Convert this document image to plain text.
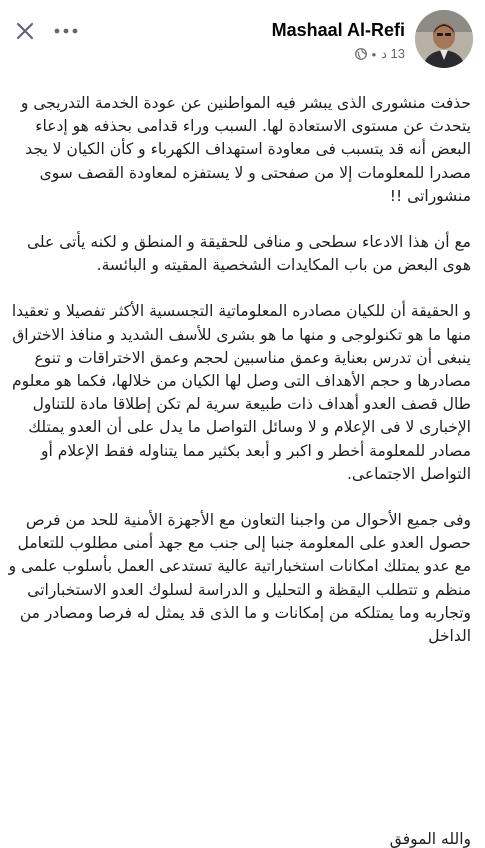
Mashaal Al-Refi
• 13 د

حذفت منشورى الذى يبشر فيه المواطنين عن عودة الخدمة التدريجى و يتحدث عن مستوى الاستعادة لها. السبب وراء قدامى بحذفه هو إدعاء البعض أنه قد يتسبب فى معاودة استهداف الكهرباء و كأن الكيان لا يجد مصدرا للمعلومات إلا من صفحتى و لا يستفزه لمعاودة القصف سوى منشوراتى !!

مع أن هذا الادعاء سطحى و منافى للحقيقة و المنطق و لكنه يأتى على هوى البعض من باب المكايدات الشخصية المقيته و البائسة.

و الحقيقة أن للكيان مصادره المعلوماتية التجسسية الأكثر تفصيلا و تعقيدا منها ما هو تكنولوجى و منها ما هو بشرى للأسف الشديد و منافذ الاختراق ينبغى أن تدرس بعناية وعمق مناسبين لحجم وعمق الاختراقات و تنوع مصادرها و حجم الأهداف التى وصل لها الكيان من خلالها، فكما هو معلوم طال قصف العدو أهداف ذات طبيعة سرية لم تكن إطلاقا مادة للتناول الإخبارى لا فى الإعلام و لا وسائل التواصل ما يدل على أن العدو يمتلك مصادر للمعلومة أخطر و اكبر و أبعد بكثير مما يتناوله فقط الإعلام أو التواصل الاجتماعى.

وفى جميع الأحوال من واجبنا التعاون مع الأجهزة الأمنية للحد من فرص حصول العدو على المعلومة جنبا إلى جنب مع جهد أمنى مطلوب للتعامل مع عدو يمتلك امكانات استخباراتية عالية تستدعى العمل بأسلوب علمى و منظم و تتطلب اليقظة و التحليل و الدراسة لسلوك العدو الاستخباراتى وتجاربه وما يمتلكه من إمكانات و ما الذى قد يمثل له فرصا ومصادر من الداخل

والله الموفق
